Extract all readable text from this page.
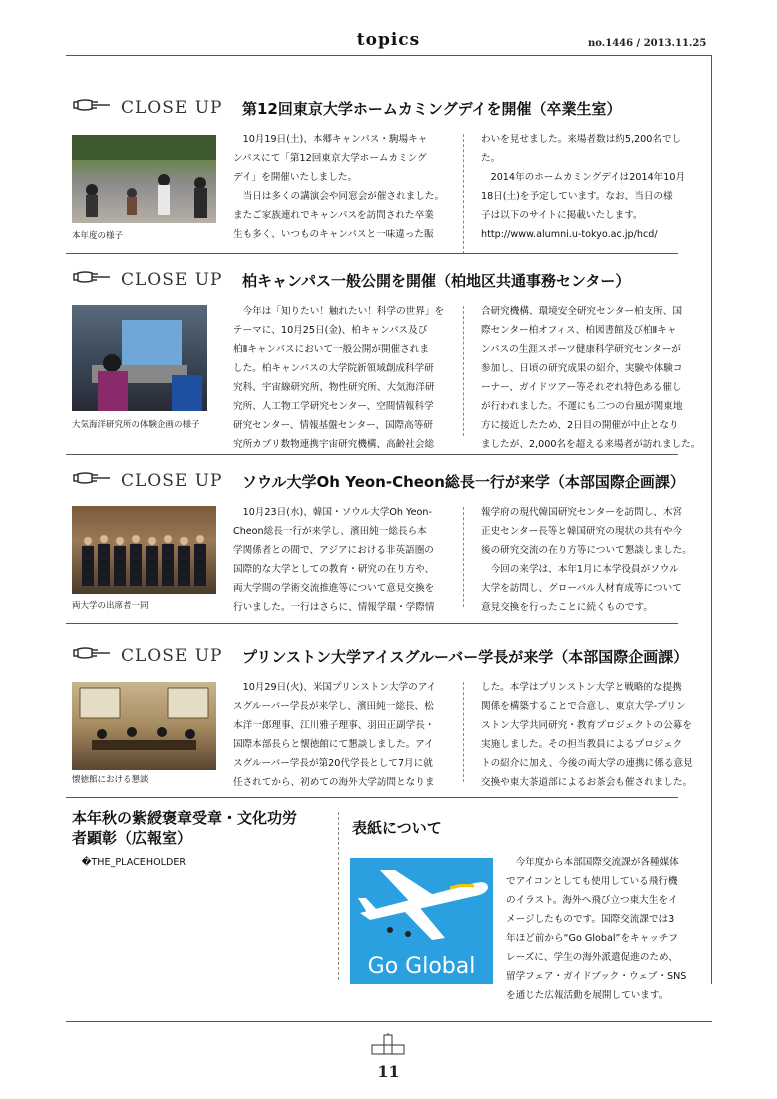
topics	no.1446 / 2013.11.25
CLOSE UP 第12回東京大学ホームカミングデイを開催（卒業生室）
本年度の様子

10月19日(土)、本郷キャンパス・駒場キャ
ンパスにて「第12回東京大学ホームカミング
デイ」を開催いたしました。

当日は多くの講演会や同窓会が催されました。
またご家族連れでキャンパスを訪問された卒業
生も多く、いつものキャンパスと一味違った賑

わいを見せました。来場者数は約5,200名でし
た。

2014年のホームカミングデイは2014年10月
18日(土)を予定しています。なお、当日の様
子は以下のサイトに掲載いたします。
http://www.alumni.u-tokyo.ac.jp/hcd/

CLOSE UP 柏キャンパス一般公開を開催（柏地区共通事務センター）
大気海洋研究所の体験企画の様子

今年は「知りたい！触れたい！科学の世界」を
テーマに、10月25日(金)、柏キャンパス及び
柏Ⅱキャンパスにおいて一般公開が開催されま
した。柏キャンパスの大学院新領域創成科学研
究科、宇宙線研究所、物性研究所、大気海洋研
究所、人工物工学研究センター、空間情報科学
研究センター、情報基盤センター、国際高等研
究所カブリ数物連携宇宙研究機構、高齢社会総

合研究機構、環境安全研究センター柏支所、国
際センター柏オフィス、柏図書館及び柏Ⅱキャ
ンパスの生涯スポーツ健康科学研究センターが
参加し、日頃の研究成果の紹介、実験や体験コ
ーナー、ガイドツアー等それぞれ特色ある催し
が行われました。不運にも二つの台風が関東地
方に接近したため、2日目の開催が中止となり
ましたが、2,000名を超える来場者が訪れました。
CLOSE UP ソウル大学Oh Yeon-Cheon総長一行が来学（本部国際企画課）
両大学の出席者一同

10月23日(水)、韓国・ソウル大学Oh Yeon-
Cheon総長一行が来学し、濱田純一総長ら本
学関係者との間で、アジアにおける非英語圏の
国際的な大学としての教育・研究の在り方や、
両大学間の学術交流推進等について意見交換を
行いました。一行はさらに、情報学環・学際情

報学府の現代韓国研究センターを訪問し、木宮
正史センター長等と韓国研究の現状の共有や今
後の研究交流の在り方等について懇談しました。

今回の来学は、本年1月に本学役員がソウル
大学を訪問し、グローバル人材育成等について
意見交換を行ったことに続くものです。

CLOSE UP プリンストン大学アイスグルーバー学長が来学（本部国際企画課）
懐徳館における懇談

10月29日(火)、米国プリンストン大学のアイ
スグルーバー学長が来学し、濱田純一総長、松
本洋一郎理事、江川雅子理事、羽田正副学長・
国際本部長らと懐徳館にて懇談しました。アイ
スグルーバー学長が第20代学長として7月に就
任されてから、初めての海外大学訪問となりま

した。本学はプリンストン大学と戦略的な提携
関係を構築することで合意し、東京大学-プリン
ストン大学共同研究・教育プロジェクトの公募を
実施しました。その担当教員によるプロジェク
トの紹介に加え、今後の両大学の連携に係る意見
交換や東大茶道部によるお茶会も催されました。
本年秋の紫綬褒章受章・文化功労
者顕彰（広報室）

�THE_PLACEHOLDER

表紙について
Go Global

今年度から本部国際交流課が各種媒体
でアイコンとしても使用している飛行機
のイラスト。海外へ飛び立つ東大生をイ
メージしたものです。国際交流課では3
年ほど前から“Go Global”をキャッチフ
レーズに、学生の海外派遣促進のため、
留学フェア・ガイドブック・ウェブ・SNS
を通じた広報活動を展開しています。

11
